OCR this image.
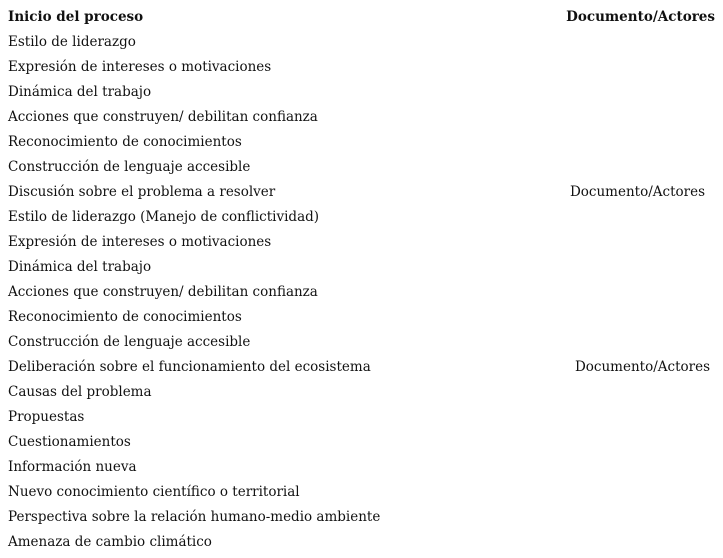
Inicio del proceso	Documento/Actores
Estilo de liderazgo
Expresión de intereses o motivaciones
Dinámica del trabajo
Acciones que construyen/ debilitan confianza
Reconocimiento de conocimientos
Construcción de lenguaje accesible
Discusión sobre el problema a resolver	Documento/Actores
Estilo de liderazgo (Manejo de conflictividad)
Expresión de intereses o motivaciones
Dinámica del trabajo
Acciones que construyen/ debilitan confianza
Reconocimiento de conocimientos
Construcción de lenguaje accesible
Deliberación sobre el funcionamiento del ecosistema	Documento/Actores
Causas del problema
Propuestas
Cuestionamientos
Información nueva
Nuevo conocimiento científico o territorial
Perspectiva sobre la relación humano-medio ambiente
Amenaza de cambio climático
